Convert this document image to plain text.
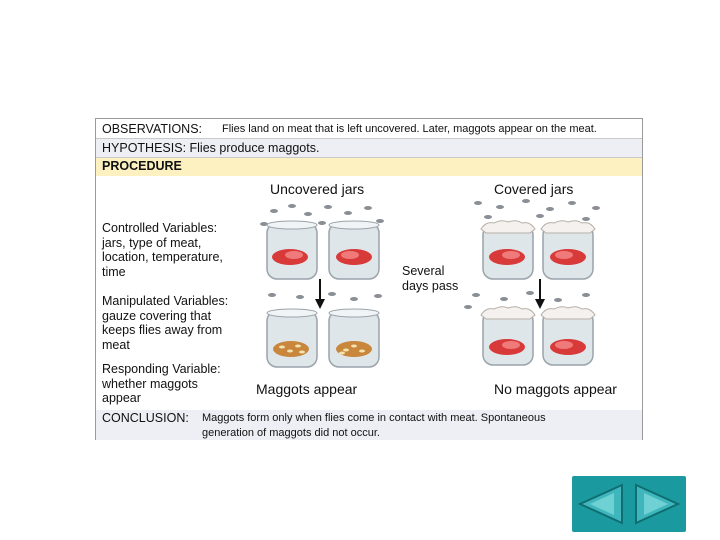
OBSERVATIONS: Flies land on meat that is left uncovered. Later, maggots appear on the meat.
HYPOTHESIS: Flies produce maggots.
PROCEDURE
Uncovered jars	Covered jars
Controlled Variables:
jars, type of meat,
location, temperature,
time
Manipulated Variables:
gauze covering that
keeps flies away from
meat
Responding Variable:
whether maggots
appear
Several
days pass
Maggots appear	No maggots appear
CONCLUSION: Maggots form only when flies come in contact with meat. Spontaneous
generation of maggots did not occur.
